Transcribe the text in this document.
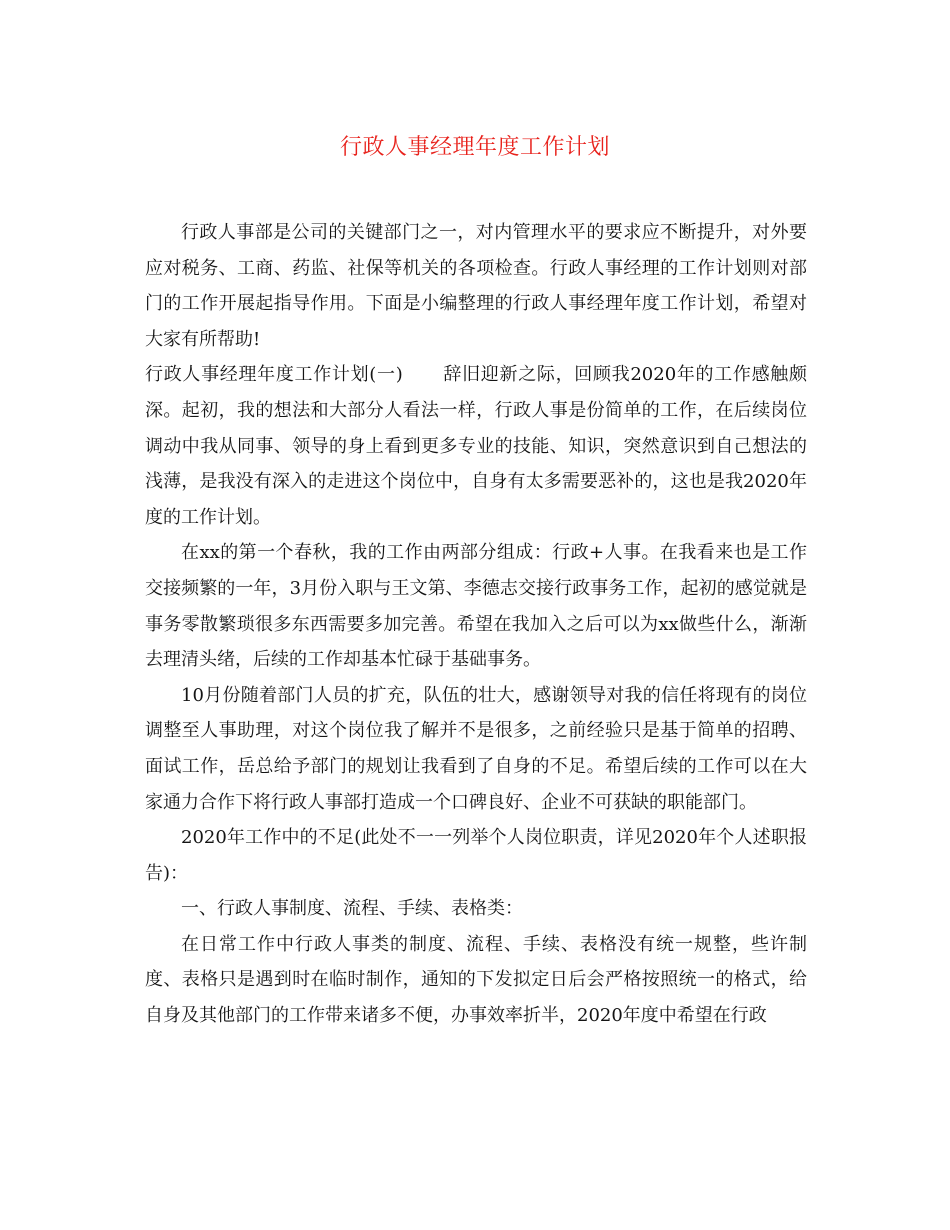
行政人事经理年度工作计划

行政人事部是公司的关键部门之一，对内管理水平的要求应不断提升，对外要应对税务、工商、药监、社保等机关的各项检查。行政人事经理的工作计划则对部门的工作开展起指导作用。下面是小编整理的行政人事经理年度工作计划，希望对大家有所帮助!

行政人事经理年度工作计划(一) 辞旧迎新之际，回顾我2020年的工作感触颇深。起初，我的想法和大部分人看法一样，行政人事是份简单的工作，在后续岗位调动中我从同事、领导的身上看到更多专业的技能、知识，突然意识到自己想法的浅薄，是我没有深入的走进这个岗位中，自身有太多需要恶补的，这也是我2020年度的工作计划。

在xx的第一个春秋，我的工作由两部分组成：行政+人事。在我看来也是工作交接频繁的一年，3月份入职与王文第、李德志交接行政事务工作，起初的感觉就是事务零散繁琐很多东西需要多加完善。希望在我加入之后可以为xx做些什么，渐渐去理清头绪，后续的工作却基本忙碌于基础事务。

10月份随着部门人员的扩充，队伍的壮大，感谢领导对我的信任将现有的岗位调整至人事助理，对这个岗位我了解并不是很多，之前经验只是基于简单的招聘、面试工作，岳总给予部门的规划让我看到了自身的不足。希望后续的工作可以在大家通力合作下将行政人事部打造成一个口碑良好、企业不可获缺的职能部门。

2020年工作中的不足(此处不一一列举个人岗位职责，详见2020年个人述职报告)：

一、行政人事制度、流程、手续、表格类：

在日常工作中行政人事类的制度、流程、手续、表格没有统一规整，些许制度、表格只是遇到时在临时制作，通知的下发拟定日后会严格按照统一的格式，给自身及其他部门的工作带来诸多不便，办事效率折半，2020年度中希望在行政
